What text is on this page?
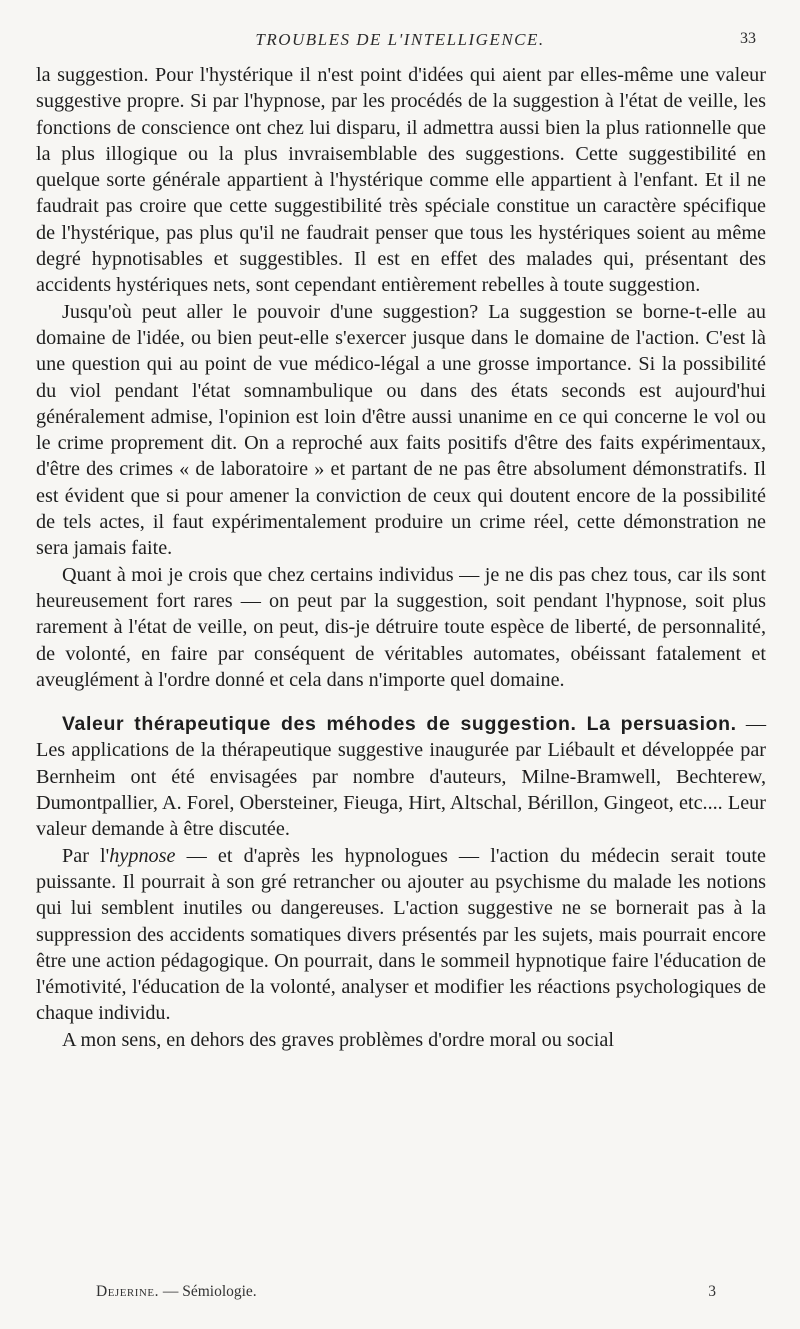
TROUBLES DE L'INTELLIGENCE.	33

la suggestion. Pour l'hystérique il n'est point d'idées qui aient par elles-même une valeur suggestive propre. Si par l'hypnose, par les procédés de la suggestion à l'état de veille, les fonctions de conscience ont chez lui disparu, il admettra aussi bien la plus rationnelle que la plus illogique ou la plus invraisemblable des suggestions. Cette suggestibilité en quelque sorte générale appartient à l'hystérique comme elle appartient à l'enfant. Et il ne faudrait pas croire que cette suggestibilité très spéciale constitue un caractère spécifique de l'hystérique, pas plus qu'il ne faudrait penser que tous les hystériques soient au même degré hypnotisables et suggestibles. Il est en effet des malades qui, présentant des accidents hystériques nets, sont cependant entièrement rebelles à toute suggestion.

Jusqu'où peut aller le pouvoir d'une suggestion? La suggestion se borne-t-elle au domaine de l'idée, ou bien peut-elle s'exercer jusque dans le domaine de l'action. C'est là une question qui au point de vue médico-légal a une grosse importance. Si la possibilité du viol pendant l'état somnambulique ou dans des états seconds est aujourd'hui généralement admise, l'opinion est loin d'être aussi unanime en ce qui concerne le vol ou le crime proprement dit. On a reproché aux faits positifs d'être des faits expérimentaux, d'être des crimes « de laboratoire » et partant de ne pas être absolument démonstratifs. Il est évident que si pour amener la conviction de ceux qui doutent encore de la possibilité de tels actes, il faut expérimentalement produire un crime réel, cette démonstration ne sera jamais faite.

Quant à moi je crois que chez certains individus — je ne dis pas chez tous, car ils sont heureusement fort rares — on peut par la suggestion, soit pendant l'hypnose, soit plus rarement à l'état de veille, on peut, dis-je détruire toute espèce de liberté, de personnalité, de volonté, en faire par conséquent de véritables automates, obéissant fatalement et aveuglément à l'ordre donné et cela dans n'importe quel domaine.

Valeur thérapeutique des méhodes de suggestion. La persuasion. — Les applications de la thérapeutique suggestive inaugurée par Liébault et développée par Bernheim ont été envisagées par nombre d'auteurs, Milne-Bramwell, Bechterew, Dumontpallier, A. Forel, Obersteiner, Fieuga, Hirt, Altschal, Bérillon, Gingeot, etc.... Leur valeur demande à être discutée.

Par l'hypnose — et d'après les hypnologues — l'action du médecin serait toute puissante. Il pourrait à son gré retrancher ou ajouter au psychisme du malade les notions qui lui semblent inutiles ou dangereuses. L'action suggestive ne se bornerait pas à la suppression des accidents somatiques divers présentés par les sujets, mais pourrait encore être une action pédagogique. On pourrait, dans le sommeil hypnotique faire l'éducation de l'émotivité, l'éducation de la volonté, analyser et modifier les réactions psychologiques de chaque individu.

A mon sens, en dehors des graves problèmes d'ordre moral ou social

Dejerine. — Sémiologie.	3
